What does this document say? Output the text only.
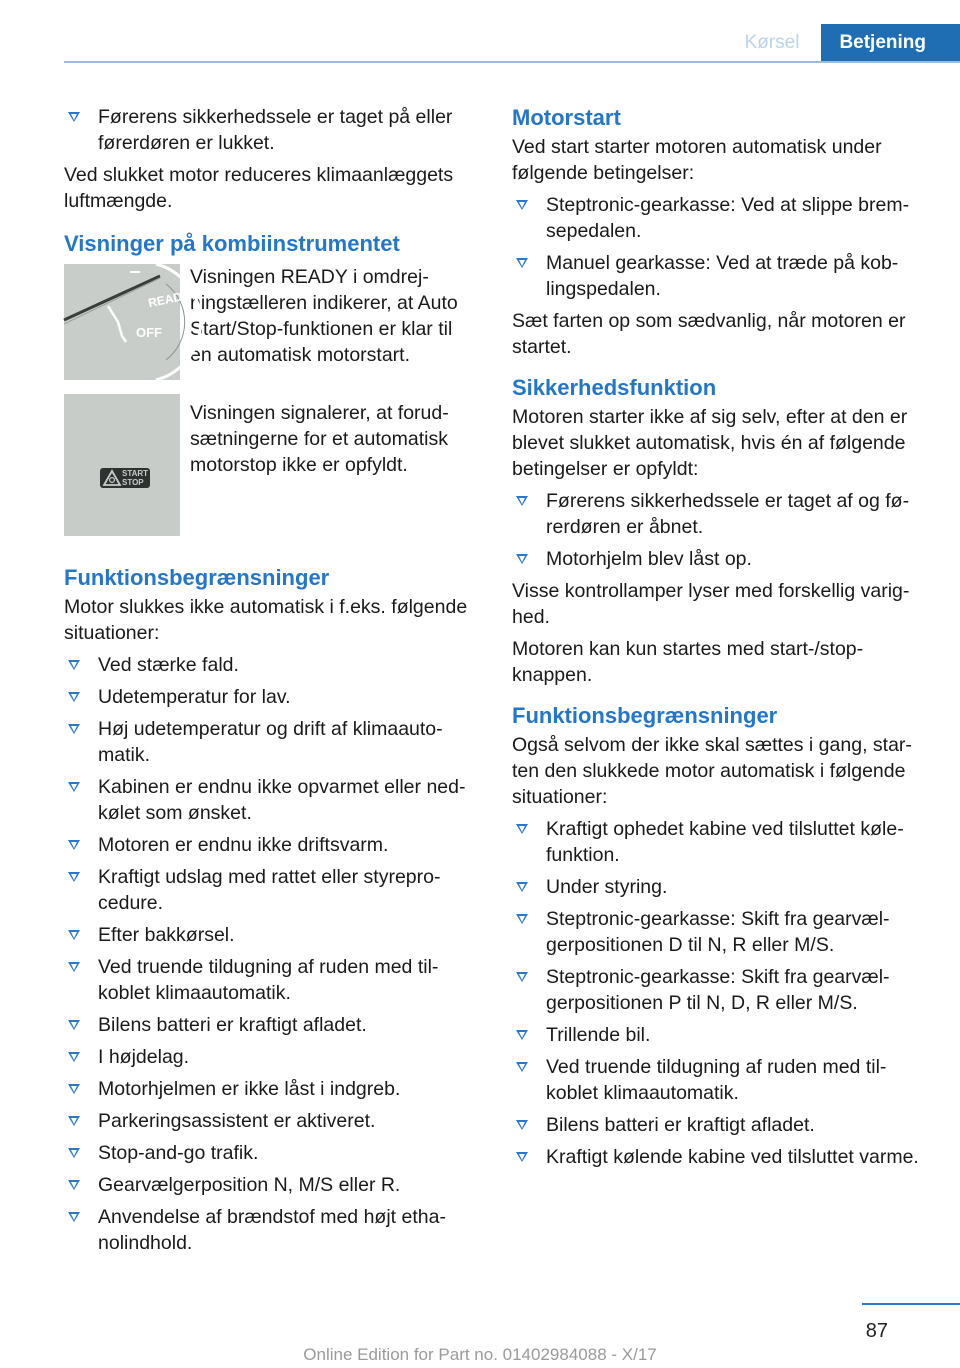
Kørsel	Betjening
Førerens sikkerhedssele er taget på eller førerdøren er lukket.

Ved slukket motor reduceres klimaanlæggets luftmængde.

Visninger på kombiinstrumentet
READY
OFF
Visningen READY i omdrej-ningstælleren indikerer, at Auto Start/Stop-funktionen er klar til en automatisk motorstart.
START
STOP
Visningen signalerer, at forud-sætningerne for et automatisk motorstop ikke er opfyldt.
Funktionsbegrænsninger

Motor slukkes ikke automatisk i f.eks. følgende situationer:

Ved stærke fald.
Udetemperatur for lav.
Høj udetemperatur og drift af klimaauto-matik.
Kabinen er endnu ikke opvarmet eller ned-kølet som ønsket.
Motoren er endnu ikke driftsvarm.
Kraftigt udslag med rattet eller styrepro-cedure.
Efter bakkørsel.
Ved truende tildugning af ruden med til-koblet klimaautomatik.
Bilens batteri er kraftigt afladet.
I højdelag.
Motorhjelmen er ikke låst i indgreb.
Parkeringsassistent er aktiveret.
Stop-and-go trafik.
Gearvælgerposition N, M/S eller R.
Anvendelse af brændstof med højt etha-nolindhold.
Motorstart

Ved start starter motoren automatisk under følgende betingelser:

Steptronic-gearkasse: Ved at slippe brem-sepedalen.
Manuel gearkasse: Ved at træde på kob-lingspedalen.

Sæt farten op som sædvanlig, når motoren er startet.

Sikkerhedsfunktion

Motoren starter ikke af sig selv, efter at den er blevet slukket automatisk, hvis én af følgende betingelser er opfyldt:

Førerens sikkerhedssele er taget af og fø-rerdøren er åbnet.
Motorhjelm blev låst op.

Visse kontrollamper lyser med forskellig varig-hed.

Motoren kan kun startes med start-/stop-knappen.

Funktionsbegrænsninger

Også selvom der ikke skal sættes i gang, star-ten den slukkede motor automatisk i følgende situationer:

Kraftigt ophedet kabine ved tilsluttet køle-funktion.
Under styring.
Steptronic-gearkasse: Skift fra gearvæl-gerpositionen D til N, R eller M/S.
Steptronic-gearkasse: Skift fra gearvæl-gerpositionen P til N, D, R eller M/S.
Trillende bil.
Ved truende tildugning af ruden med til-koblet klimaautomatik.
Bilens batteri er kraftigt afladet.
Kraftigt kølende kabine ved tilsluttet varme.
87
Online Edition for Part no. 01402984088 - X/17
